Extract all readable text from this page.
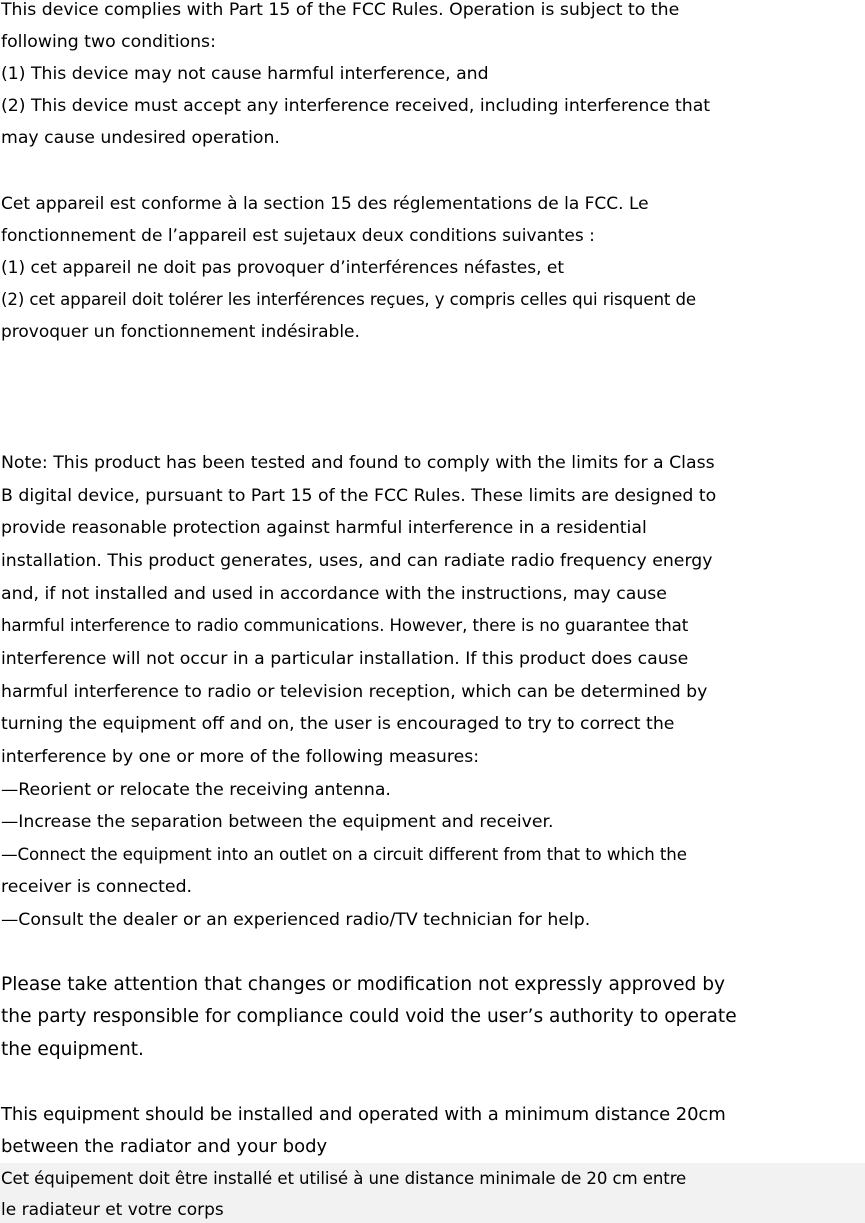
This device complies with Part 15 of the FCC Rules. Operation is subject to the
following two conditions:
(1) This device may not cause harmful interference, and
(2) This device must accept any interference received, including interference that
may cause undesired operation.
Cet appareil est conforme à la section 15 des réglementations de la FCC. Le
fonctionnement de l’appareil est sujetaux deux conditions suivantes :
(1) cet appareil ne doit pas provoquer d’interférences néfastes, et
(2) cet appareil doit tolérer les interférences reçues, y compris celles qui risquent de
provoquer un fonctionnement indésirable.
Note: This product has been tested and found to comply with the limits for a Class
B digital device, pursuant to Part 15 of the FCC Rules. These limits are designed to
provide reasonable protection against harmful interference in a residential
installation. This product generates, uses, and can radiate radio frequency energy
and, if not installed and used in accordance with the instructions, may cause
harmful interference to radio communications. However, there is no guarantee that
interference will not occur in a particular installation. If this product does cause
harmful interference to radio or television reception, which can be determined by
turning the equipment off and on, the user is encouraged to try to correct the
interference by one or more of the following measures:
—Reorient or relocate the receiving antenna.
—Increase the separation between the equipment and receiver.
—Connect the equipment into an outlet on a circuit different from that to which the
receiver is connected.
—Consult the dealer or an experienced radio/TV technician for help.
Please take attention that changes or modification not expressly approved by
the party responsible for compliance could void the user’s authority to operate
the equipment.
This equipment should be installed and operated with a minimum distance 20cm
between the radiator and your body
Cet équipement doit être installé et utilisé à une distance minimale de 20 cm entre
le radiateur et votre corps
